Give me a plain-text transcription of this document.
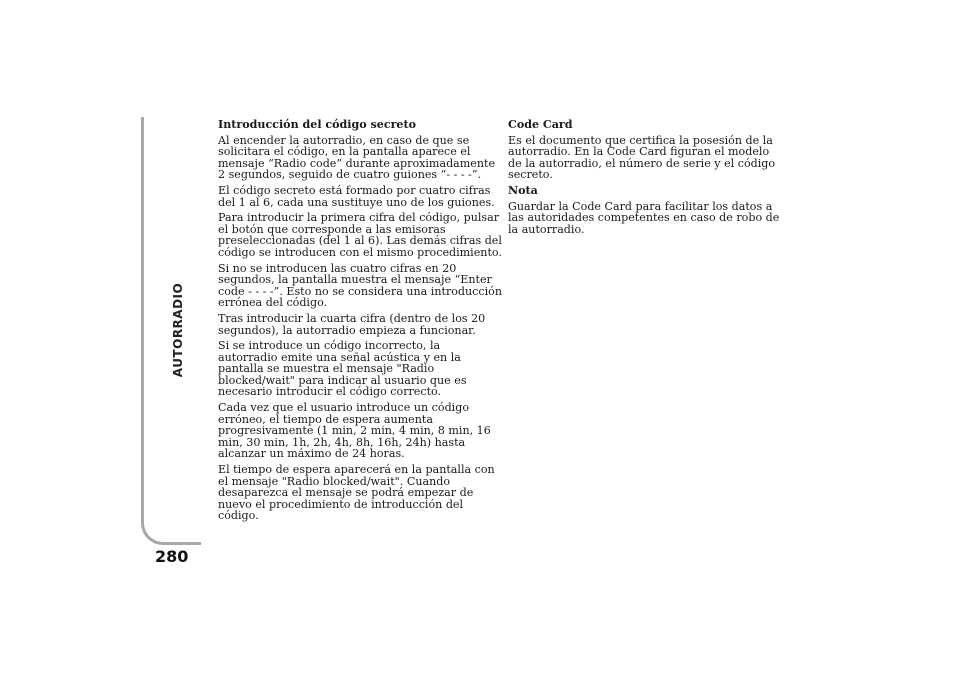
AUTORRADIO
280

Introducción del código secreto

Al encender la autorradio, en caso de que se solicitara el código, en la pantalla aparece el mensaje “Radio code” durante aproximadamente 2 segundos, seguido de cuatro guiones “- - - -”.

El código secreto está formado por cuatro cifras del 1 al 6, cada una sustituye uno de los guiones.

Para introducir la primera cifra del código, pulsar el botón que corresponde a las emisoras preseleccionadas (del 1 al 6). Las demás cifras del código se introducen con el mismo procedimiento.

Si no se introducen las cuatro cifras en 20 segundos, la pantalla muestra el mensaje “Enter code - - - -”. Esto no se considera una introducción errónea del código.

Tras introducir la cuarta cifra (dentro de los 20 segundos), la autorradio empieza a funcionar.

Si se introduce un código incorrecto, la autorradio emite una señal acústica y en la pantalla se muestra el mensaje "Radio blocked/wait" para indicar al usuario que es necesario introducir el código correcto.

Cada vez que el usuario introduce un código erróneo, el tiempo de espera aumenta progresivamente (1 min, 2 min, 4 min, 8 min, 16 min, 30 min, 1h, 2h, 4h, 8h, 16h, 24h) hasta alcanzar un máximo de 24 horas.

El tiempo de espera aparecerá en la pantalla con el mensaje "Radio blocked/wait". Cuando desaparezca el mensaje se podrá empezar de nuevo el procedimiento de introducción del código.

Code Card

Es el documento que certifica la posesión de la autorradio. En la Code Card figuran el modelo de la autorradio, el número de serie y el código secreto.

Nota

Guardar la Code Card para facilitar los datos a las autoridades competentes en caso de robo de la autorradio.
